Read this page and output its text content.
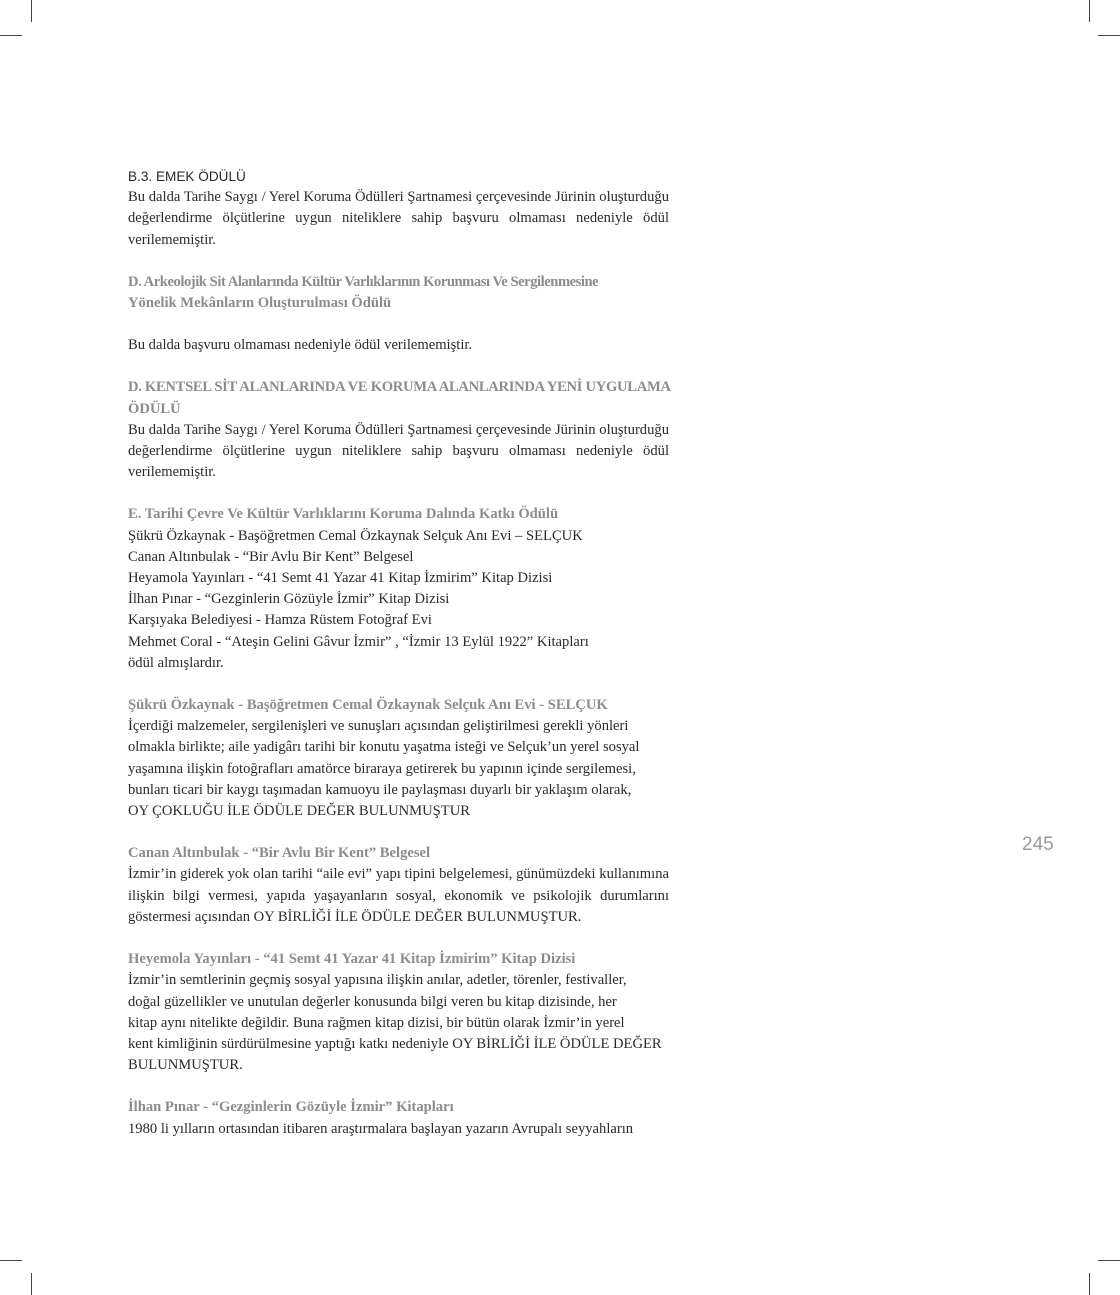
B.3. EMEK ÖDÜLÜ

Bu dalda Tarihe Saygı / Yerel Koruma Ödülleri Şartnamesi çerçevesinde Jürinin oluşturduğu değerlendirme ölçütlerine uygun niteliklere sahip başvuru olmaması nedeniyle ödül verilememiştir.

D. Arkeolojik Sit Alanlarında Kültür Varlıklarının Korunması Ve Sergilenmesine

Yönelik Mekânların Oluşturulması Ödülü

Bu dalda başvuru olmaması nedeniyle ödül verilememiştir.

D. KENTSEL SİT ALANLARINDA VE KORUMA ALANLARINDA YENİ UYGULAMA

ÖDÜLÜ

Bu dalda Tarihe Saygı / Yerel Koruma Ödülleri Şartnamesi çerçevesinde Jürinin oluşturduğu değerlendirme ölçütlerine uygun niteliklere sahip başvuru olmaması nedeniyle ödül verilememiştir.

E. Tarihi Çevre Ve Kültür Varlıklarını Koruma Dalında Katkı Ödülü

Şükrü Özkaynak - Başöğretmen Cemal Özkaynak Selçuk Anı Evi – SELÇUK

Canan Altınbulak - “Bir Avlu Bir Kent” Belgesel

Heyamola Yayınları - “41 Semt 41 Yazar 41 Kitap İzmirim” Kitap Dizisi

İlhan Pınar - “Gezginlerin Gözüyle İzmir” Kitap Dizisi

Karşıyaka Belediyesi - Hamza Rüstem Fotoğraf Evi

Mehmet Coral - “Ateşin Gelini Gâvur İzmir” , “İzmir 13 Eylül 1922” Kitapları

ödül almışlardır.

Şükrü Özkaynak - Başöğretmen Cemal Özkaynak Selçuk Anı Evi - SELÇUK

İçerdiği malzemeler, sergilenişleri ve sunuşları açısından geliştirilmesi gerekli yönleri

olmakla birlikte; aile yadigârı tarihi bir konutu yaşatma isteği ve Selçuk’un yerel sosyal

yaşamına ilişkin fotoğrafları amatörce biraraya getirerek bu yapının içinde sergilemesi,

bunları ticari bir kaygı taşımadan kamuoyu ile paylaşması duyarlı bir yaklaşım olarak,

OY ÇOKLUĞU İLE ÖDÜLE DEĞER BULUNMUŞTUR

Canan Altınbulak - “Bir Avlu Bir Kent” Belgesel

İzmir’in giderek yok olan tarihi “aile evi” yapı tipini belgelemesi, günümüzdeki kullanımına ilişkin bilgi vermesi, yapıda yaşayanların sosyal, ekonomik ve psikolojik durumlarını göstermesi açısından OY BİRLİĞİ İLE ÖDÜLE DEĞER BULUNMUŞTUR.

Heyemola Yayınları - “41 Semt 41 Yazar 41 Kitap İzmirim” Kitap Dizisi

İzmir’in semtlerinin geçmiş sosyal yapısına ilişkin anılar, adetler, törenler, festivaller,

doğal güzellikler ve unutulan değerler konusunda bilgi veren bu kitap dizisinde, her

kitap aynı nitelikte değildir. Buna rağmen kitap dizisi, bir bütün olarak İzmir’in yerel

kent kimliğinin sürdürülmesine yaptığı katkı nedeniyle OY BİRLİĞİ İLE ÖDÜLE DEĞER

BULUNMUŞTUR.

İlhan Pınar - “Gezginlerin Gözüyle İzmir” Kitapları

1980 li yılların ortasından itibaren araştırmalara başlayan yazarın Avrupalı seyyahların

245
